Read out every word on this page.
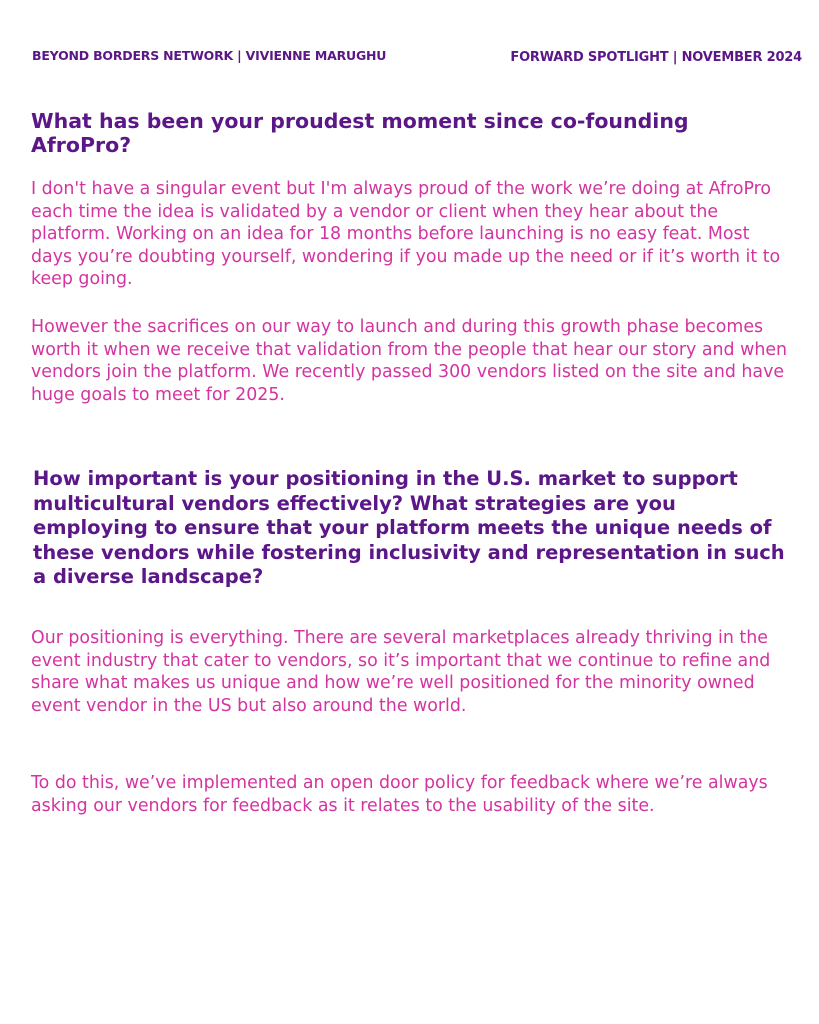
BEYOND BORDERS NETWORK | VIVIENNE MARUGHU	FORWARD SPOTLIGHT | NOVEMBER 2024
What has been your proudest moment since co-founding AfroPro?

I don't have a singular event but I'm always proud of the work we’re doing at AfroPro each time the idea is validated by a vendor or client when they hear about the platform. Working on an idea for 18 months before launching is no easy feat. Most days you’re doubting yourself, wondering if you made up the need or if it’s worth it to keep going.

However the sacrifices on our way to launch and during this growth phase becomes worth it when we receive that validation from the people that hear our story and when vendors join the platform. We recently passed 300 vendors listed on the site and have huge goals to meet for 2025.

How important is your positioning in the U.S. market to support multicultural vendors effectively? What strategies are you employing to ensure that your platform meets the unique needs of these vendors while fostering inclusivity and representation in such a diverse landscape?

Our positioning is everything. There are several marketplaces already thriving in the event industry that cater to vendors, so it’s important that we continue to refine and share what makes us unique and how we’re well positioned for the minority owned event vendor in the US but also around the world.

To do this, we’ve implemented an open door policy for feedback where we’re always asking our vendors for feedback as it relates to the usability of the site.
